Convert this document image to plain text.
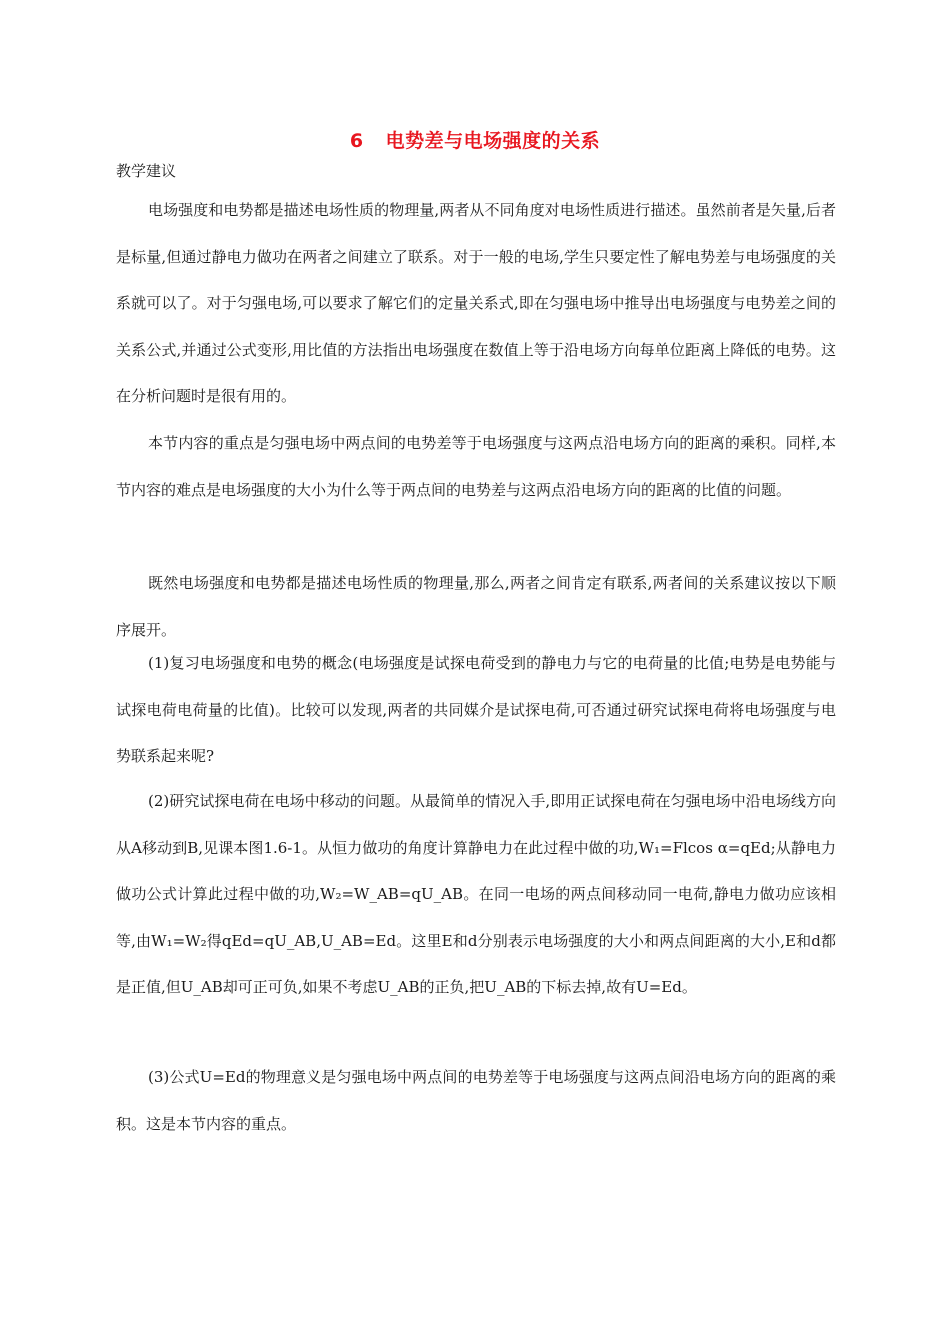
6 电势差与电场强度的关系
教学建议

电场强度和电势都是描述电场性质的物理量,两者从不同角度对电场性质进行描述。虽然前者是矢量,后者是标量,但通过静电力做功在两者之间建立了联系。对于一般的电场,学生只要定性了解电势差与电场强度的关系就可以了。对于匀强电场,可以要求了解它们的定量关系式,即在匀强电场中推导出电场强度与电势差之间的关系公式,并通过公式变形,用比值的方法指出电场强度在数值上等于沿电场方向每单位距离上降低的电势。这在分析问题时是很有用的。

本节内容的重点是匀强电场中两点间的电势差等于电场强度与这两点沿电场方向的距离的乘积。同样,本节内容的难点是电场强度的大小为什么等于两点间的电势差与这两点沿电场方向的距离的比值的问题。

既然电场强度和电势都是描述电场性质的物理量,那么,两者之间肯定有联系,两者间的关系建议按以下顺序展开。

(1)复习电场强度和电势的概念(电场强度是试探电荷受到的静电力与它的电荷量的比值;电势是电势能与试探电荷电荷量的比值)。比较可以发现,两者的共同媒介是试探电荷,可否通过研究试探电荷将电场强度与电势联系起来呢?

(2)研究试探电荷在电场中移动的问题。从最简单的情况入手,即用正试探电荷在匀强电场中沿电场线方向从A移动到B,见课本图1.6-1。从恒力做功的角度计算静电力在此过程中做的功,W₁=Flcos α=qEd;从静电力做功公式计算此过程中做的功,W₂=W_AB=qU_AB。在同一电场的两点间移动同一电荷,静电力做功应该相等,由W₁=W₂得qEd=qU_AB,U_AB=Ed。这里E和d分别表示电场强度的大小和两点间距离的大小,E和d都是正值,但U_AB却可正可负,如果不考虑U_AB的正负,把U_AB的下标去掉,故有U=Ed。

(3)公式U=Ed的物理意义是匀强电场中两点间的电势差等于电场强度与这两点间沿电场方向的距离的乘积。这是本节内容的重点。
